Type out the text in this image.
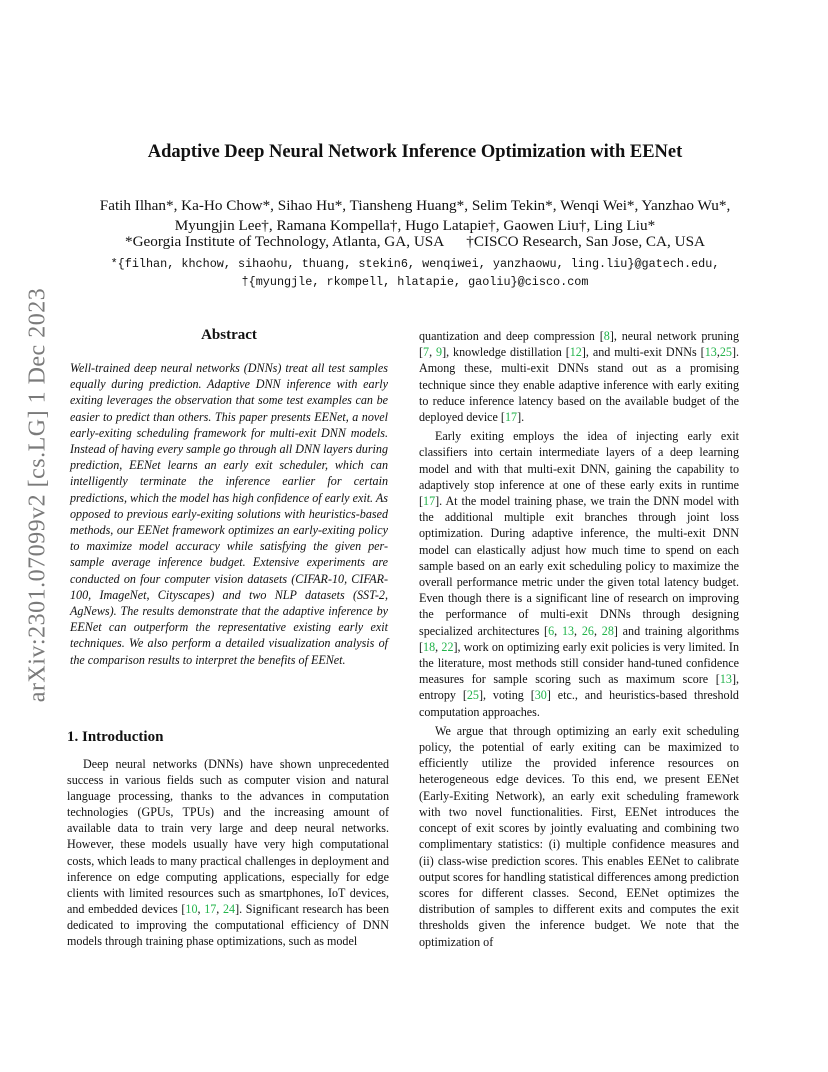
arXiv:2301.07099v2 [cs.LG] 1 Dec 2023
Adaptive Deep Neural Network Inference Optimization with EENet
Fatih Ilhan*, Ka-Ho Chow*, Sihao Hu*, Tiansheng Huang*, Selim Tekin*, Wenqi Wei*, Yanzhao Wu*,
Myungjin Lee†, Ramana Kompella†, Hugo Latapie†, Gaowen Liu†, Ling Liu*
*Georgia Institute of Technology, Atlanta, GA, USA †CISCO Research, San Jose, CA, USA
*{filhan, khchow, sihaohu, thuang, stekin6, wenqiwei, yanzhaowu, ling.liu}@gatech.edu,
†{myungjle, rkompell, hlatapie, gaoliu}@cisco.com
Abstract
Well-trained deep neural networks (DNNs) treat all test samples equally during prediction. Adaptive DNN inference with early exiting leverages the observation that some test examples can be easier to predict than others. This paper presents EENet, a novel early-exiting scheduling framework for multi-exit DNN models. Instead of having every sample go through all DNN layers during prediction, EENet learns an early exit scheduler, which can intelligently terminate the inference earlier for certain predictions, which the model has high confidence of early exit. As opposed to previous early-exiting solutions with heuristics-based methods, our EENet framework optimizes an early-exiting policy to maximize model accuracy while satisfying the given per-sample average inference budget. Extensive experiments are conducted on four computer vision datasets (CIFAR-10, CIFAR-100, ImageNet, Cityscapes) and two NLP datasets (SST-2, AgNews). The results demonstrate that the adaptive inference by EENet can outperform the representative existing early exit techniques. We also perform a detailed visualization analysis of the comparison results to interpret the benefits of EENet.
1. Introduction

Deep neural networks (DNNs) have shown unprecedented success in various fields such as computer vision and natural language processing, thanks to the advances in computation technologies (GPUs, TPUs) and the increasing amount of available data to train very large and deep neural networks. However, these models usually have very high computational costs, which leads to many practical challenges in deployment and inference on edge computing applications, especially for edge clients with limited resources such as smartphones, IoT devices, and embedded devices [10, 17, 24]. Significant research has been dedicated to improving the computational efficiency of DNN models through training phase optimizations, such as model

quantization and deep compression [8], neural network pruning [7, 9], knowledge distillation [12], and multi-exit DNNs [13,25]. Among these, multi-exit DNNs stand out as a promising technique since they enable adaptive inference with early exiting to reduce inference latency based on the available budget of the deployed device [17].

Early exiting employs the idea of injecting early exit classifiers into certain intermediate layers of a deep learning model and with that multi-exit DNN, gaining the capability to adaptively stop inference at one of these early exits in runtime [17]. At the model training phase, we train the DNN model with the additional multiple exit branches through joint loss optimization. During adaptive inference, the multi-exit DNN model can elastically adjust how much time to spend on each sample based on an early exit scheduling policy to maximize the overall performance metric under the given total latency budget. Even though there is a significant line of research on improving the performance of multi-exit DNNs through designing specialized architectures [6, 13, 26, 28] and training algorithms [18, 22], work on optimizing early exit policies is very limited. In the literature, most methods still consider hand-tuned confidence measures for sample scoring such as maximum score [13], entropy [25], voting [30] etc., and heuristics-based threshold computation approaches.

We argue that through optimizing an early exit scheduling policy, the potential of early exiting can be maximized to efficiently utilize the provided inference resources on heterogeneous edge devices. To this end, we present EENet (Early-Exiting Network), an early exit scheduling framework with two novel functionalities. First, EENet introduces the concept of exit scores by jointly evaluating and combining two complimentary statistics: (i) multiple confidence measures and (ii) class-wise prediction scores. This enables EENet to calibrate output scores for handling statistical differences among prediction scores for different classes. Second, EENet optimizes the distribution of samples to different exits and computes the exit thresholds given the inference budget. We note that the optimization of
